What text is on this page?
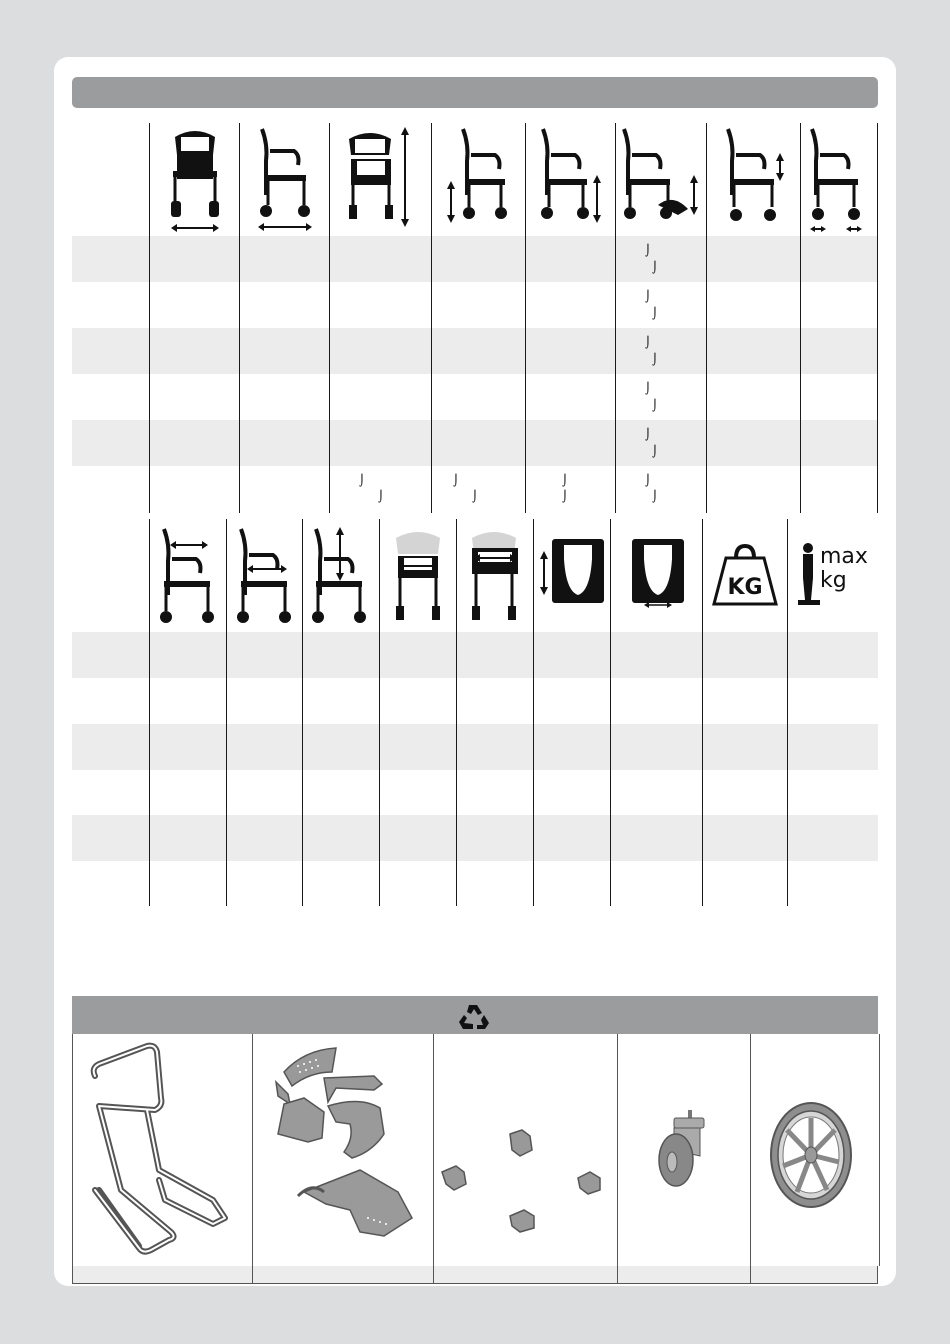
⌡
⌡
⌡
⌡
⌡
⌡
⌡
⌡
⌡
⌡
⌡
⌡
⌡
⌡
⌡
⌡
⌡
⌡
KG
max
kg
